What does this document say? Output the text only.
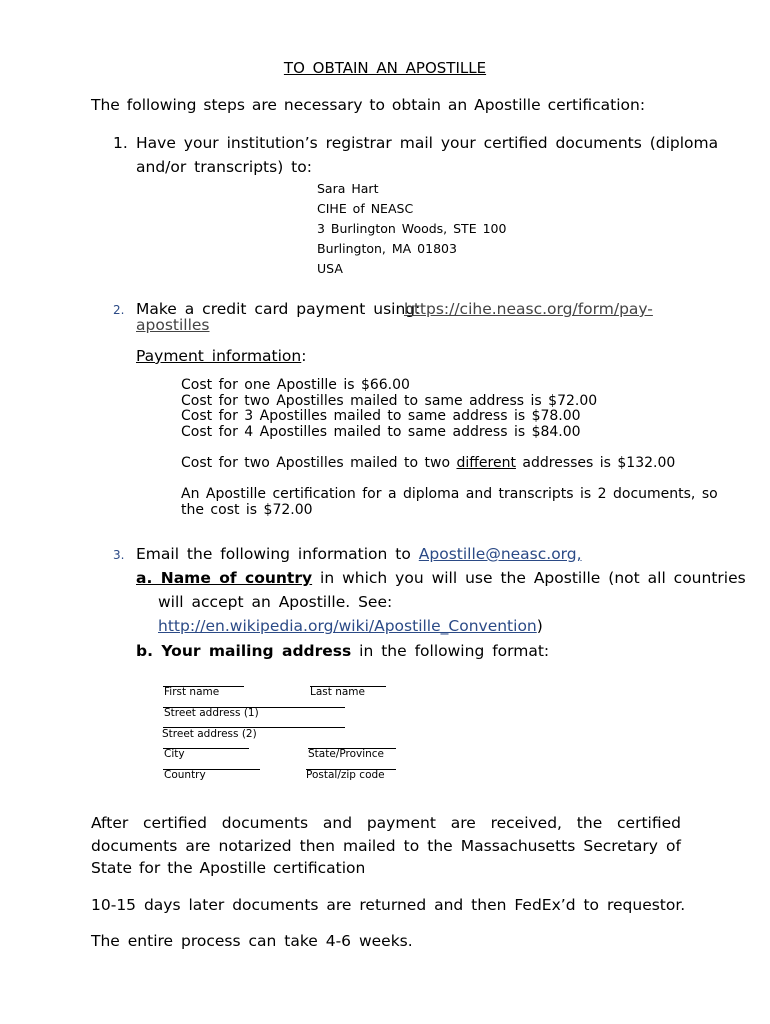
TO OBTAIN AN APOSTILLE
The following steps are necessary to obtain an Apostille certification:
1. Have your institution’s registrar mail your certified documents (diploma
and/or transcripts) to:
Sara Hart
CIHE of NEASC
3 Burlington Woods, STE 100
Burlington, MA 01803
USA
2. Make a credit card payment using:
https://cihe.neasc.org/form/pay-
apostilles
Payment information:
Cost for one Apostille is $66.00
Cost for two Apostilles mailed to same address is $72.00
Cost for 3 Apostilles mailed to same address is $78.00
Cost for 4 Apostilles mailed to same address is $84.00
Cost for two Apostilles mailed to two different addresses is $132.00
An Apostille certification for a diploma and transcripts is 2 documents, so
the cost is $72.00
3. Email the following information to Apostille@neasc.org,
a. Name of country in which you will use the Apostille (not all countries
will accept an Apostille. See:
http://en.wikipedia.org/wiki/Apostille_Convention)
b. Your mailing address in the following format:
First name	Last name
Street address (1)
Street address (2)
City	State/Province
Country	Postal/zip code
After certified documents and payment are received, the certified documents are notarized then mailed to the Massachusetts Secretary of State for the Apostille certification
10-15 days later documents are returned and then FedEx’d to requestor.
The entire process can take 4-6 weeks.
